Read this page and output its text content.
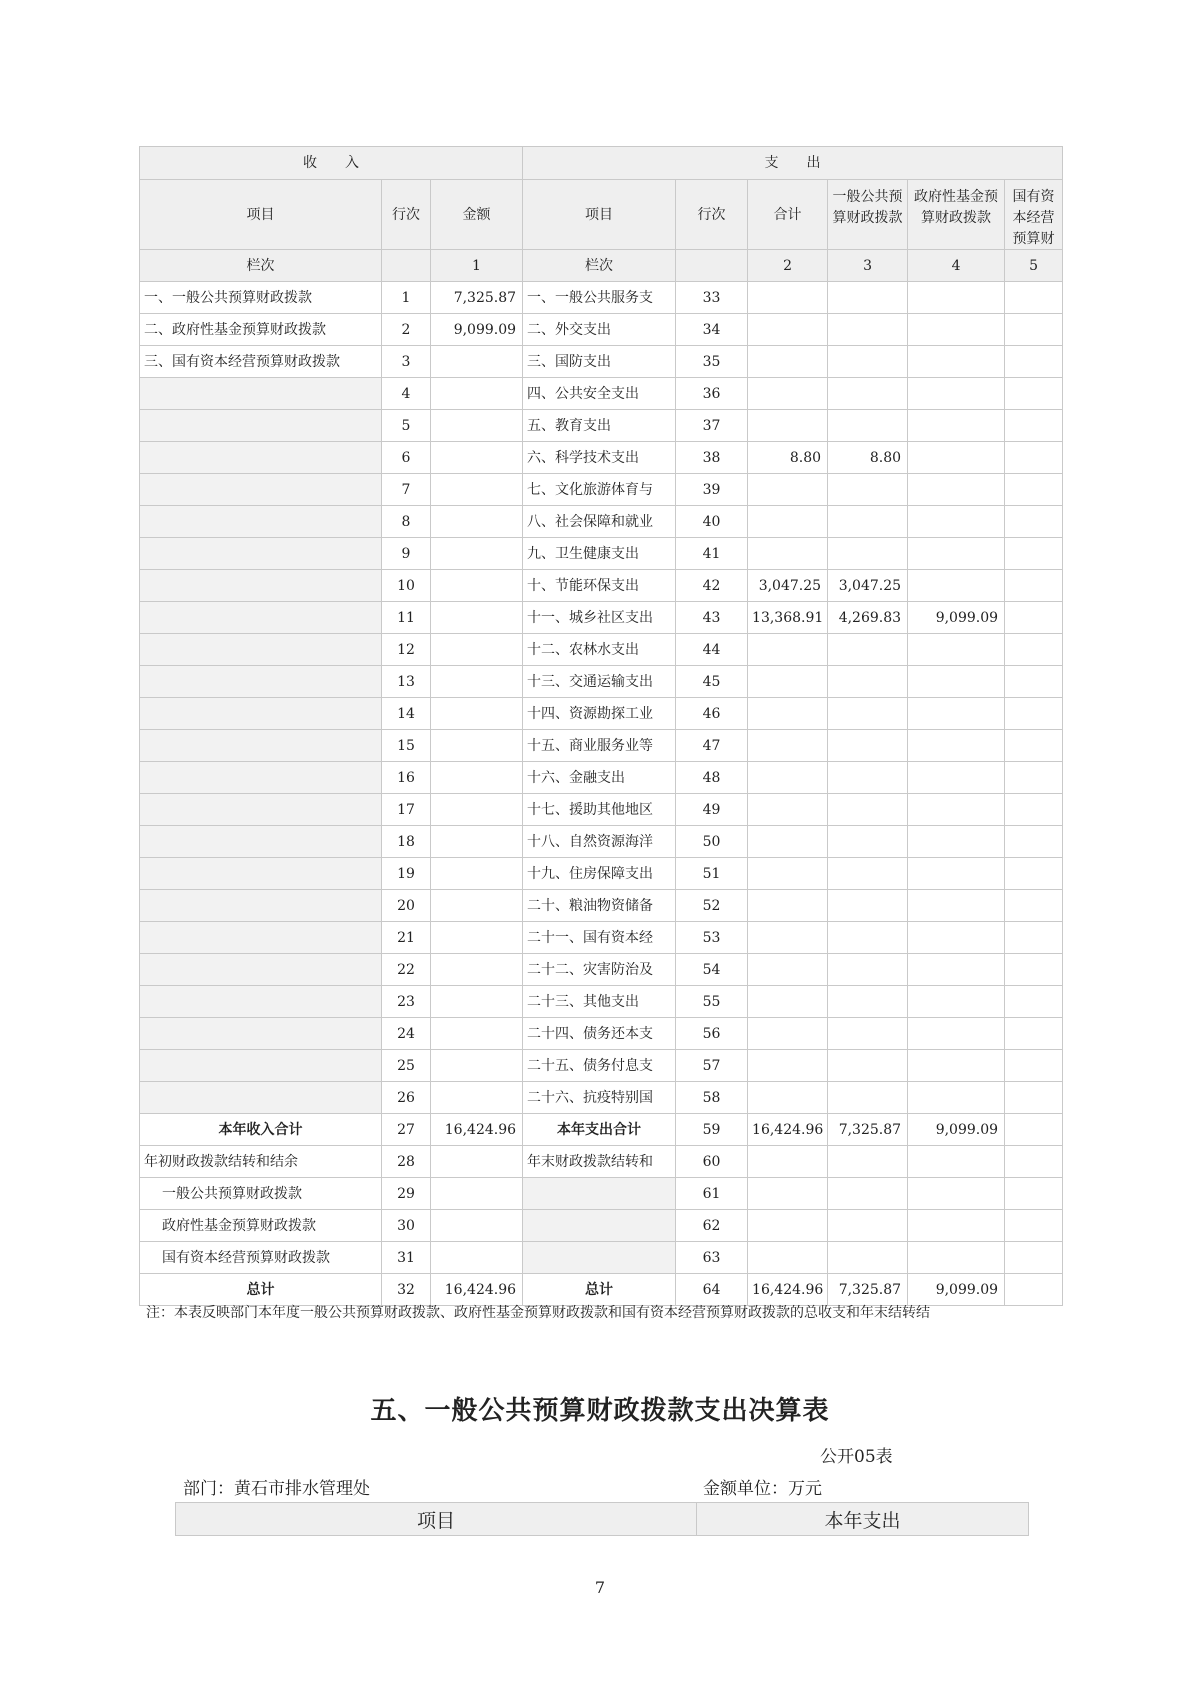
收　　入			支　　出					
项目	行次	金额	项目	行次	合计	一般公共预算财政拨款	政府性基金预算财政拨款	国有资本经营预算财

栏次		1	栏次		2	3	4	5
一、一般公共预算财政拨款	1	7,325.87	一、一般公共服务支	33				
二、政府性基金预算财政拨款	2	9,099.09	二、外交支出	34				
三、国有资本经营预算财政拨款	3		三、国防支出	35				
	4		四、公共安全支出	36				
	5		五、教育支出	37				
	6		六、科学技术支出	38	8.80	8.80		
	7		七、文化旅游体育与	39				
	8		八、社会保障和就业	40				
	9		九、卫生健康支出	41				
	10		十、节能环保支出	42	3,047.25	3,047.25		
	11		十一、城乡社区支出	43	13,368.91	4,269.83	9,099.09	
	12		十二、农林水支出	44				
	13		十三、交通运输支出	45				
	14		十四、资源勘探工业	46				
	15		十五、商业服务业等	47				
	16		十六、金融支出	48				
	17		十七、援助其他地区	49				
	18		十八、自然资源海洋	50				
	19		十九、住房保障支出	51				
	20		二十、粮油物资储备	52				
	21		二十一、国有资本经	53				
	22		二十二、灾害防治及	54				
	23		二十三、其他支出	55				
	24		二十四、债务还本支	56				
	25		二十五、债务付息支	57				
	26		二十六、抗疫特别国	58				
本年收入合计	27	16,424.96	本年支出合计	59	16,424.96	7,325.87	9,099.09	
年初财政拨款结转和结余	28		年末财政拨款结转和	60				
一般公共预算财政拨款	29			61				
政府性基金预算财政拨款	30			62				
国有资本经营预算财政拨款	31			63				
总计	32	16,424.96	总计	64	16,424.96	7,325.87	9,099.09	
注：本表反映部门本年度一般公共预算财政拨款、政府性基金预算财政拨款和国有资本经营预算财政拨款的总收支和年末结转结
五、一般公共预算财政拨款支出决算表
公开05表
部门：黄石市排水管理处	金额单位：万元
项目	本年支出
7
